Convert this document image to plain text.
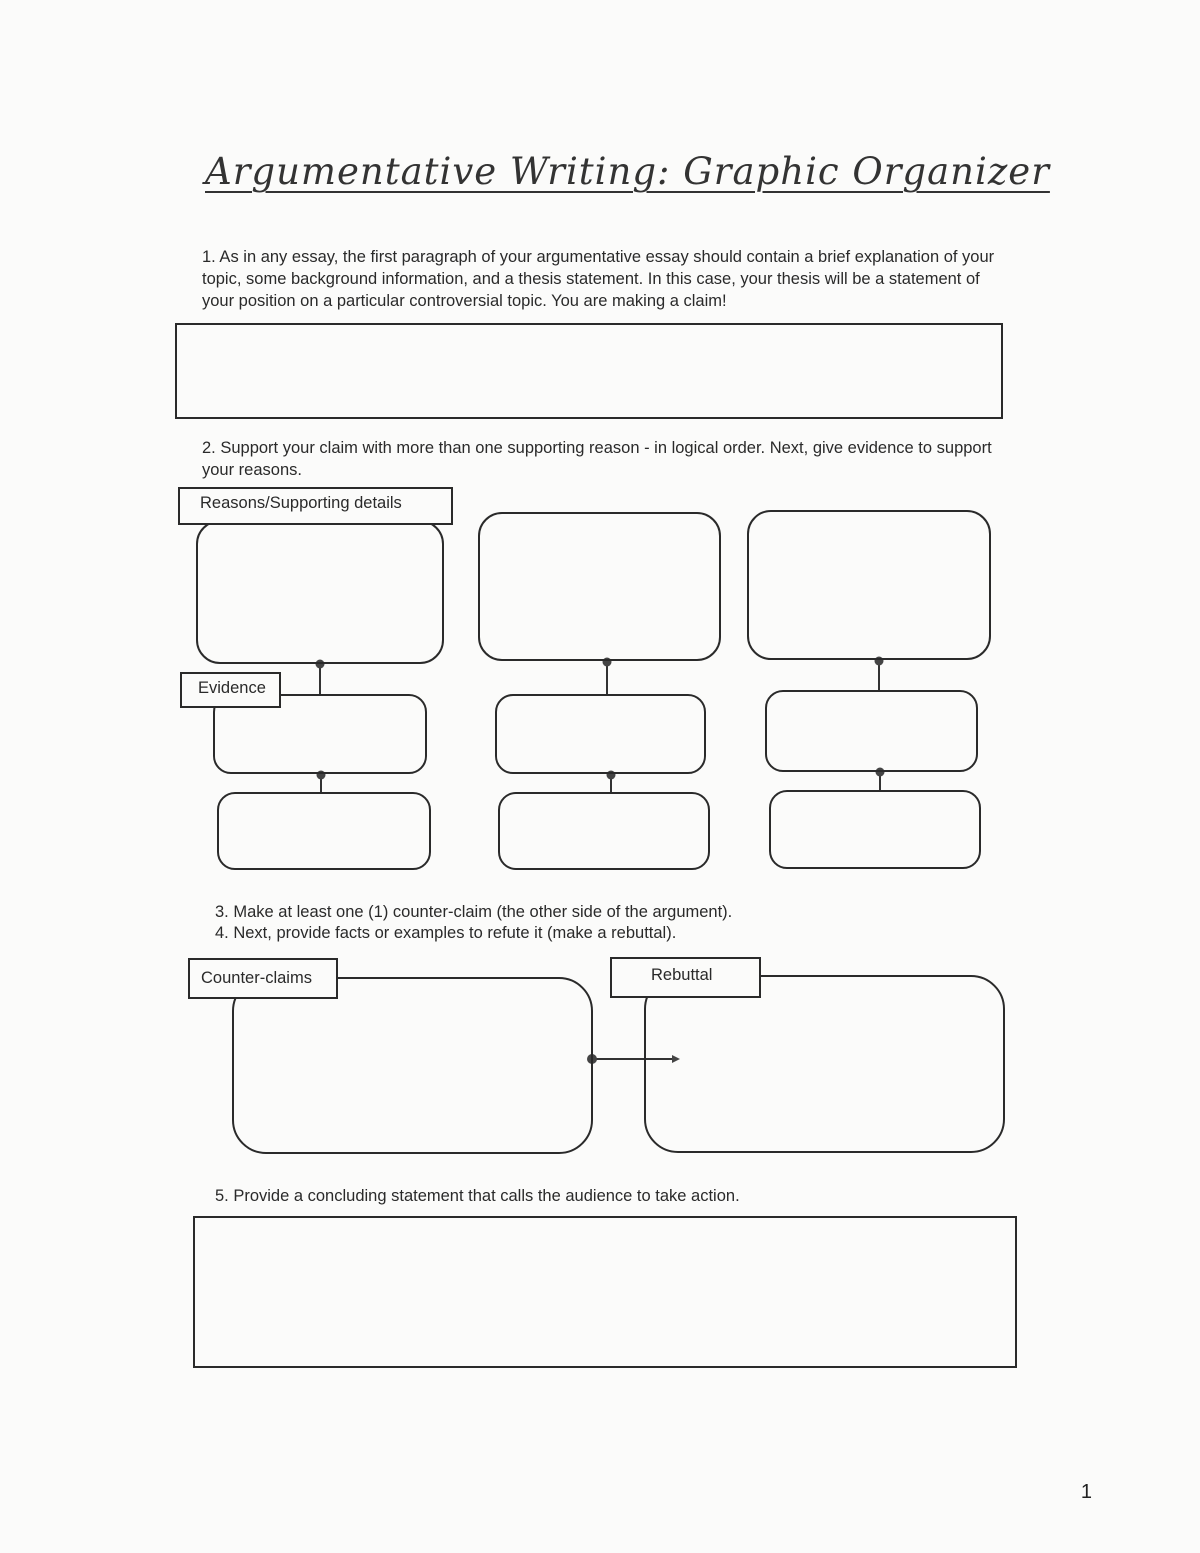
Argumentative Writing: Graphic Organizer
1. As in any essay, the first paragraph of your argumentative essay should contain a brief explanation of your topic, some background information, and a thesis statement. In this case, your thesis will be a statement of your position on a particular controversial topic. You are making a claim!
2. Support your claim with more than one supporting reason - in logical order. Next, give evidence to support your reasons.
Reasons/Supporting details
Evidence
3. Make at least one (1) counter-claim (the other side of the argument).
4. Next, provide facts or examples to refute it (make a rebuttal).
Counter-claims	Rebuttal
5. Provide a concluding statement that calls the audience to take action.
1
